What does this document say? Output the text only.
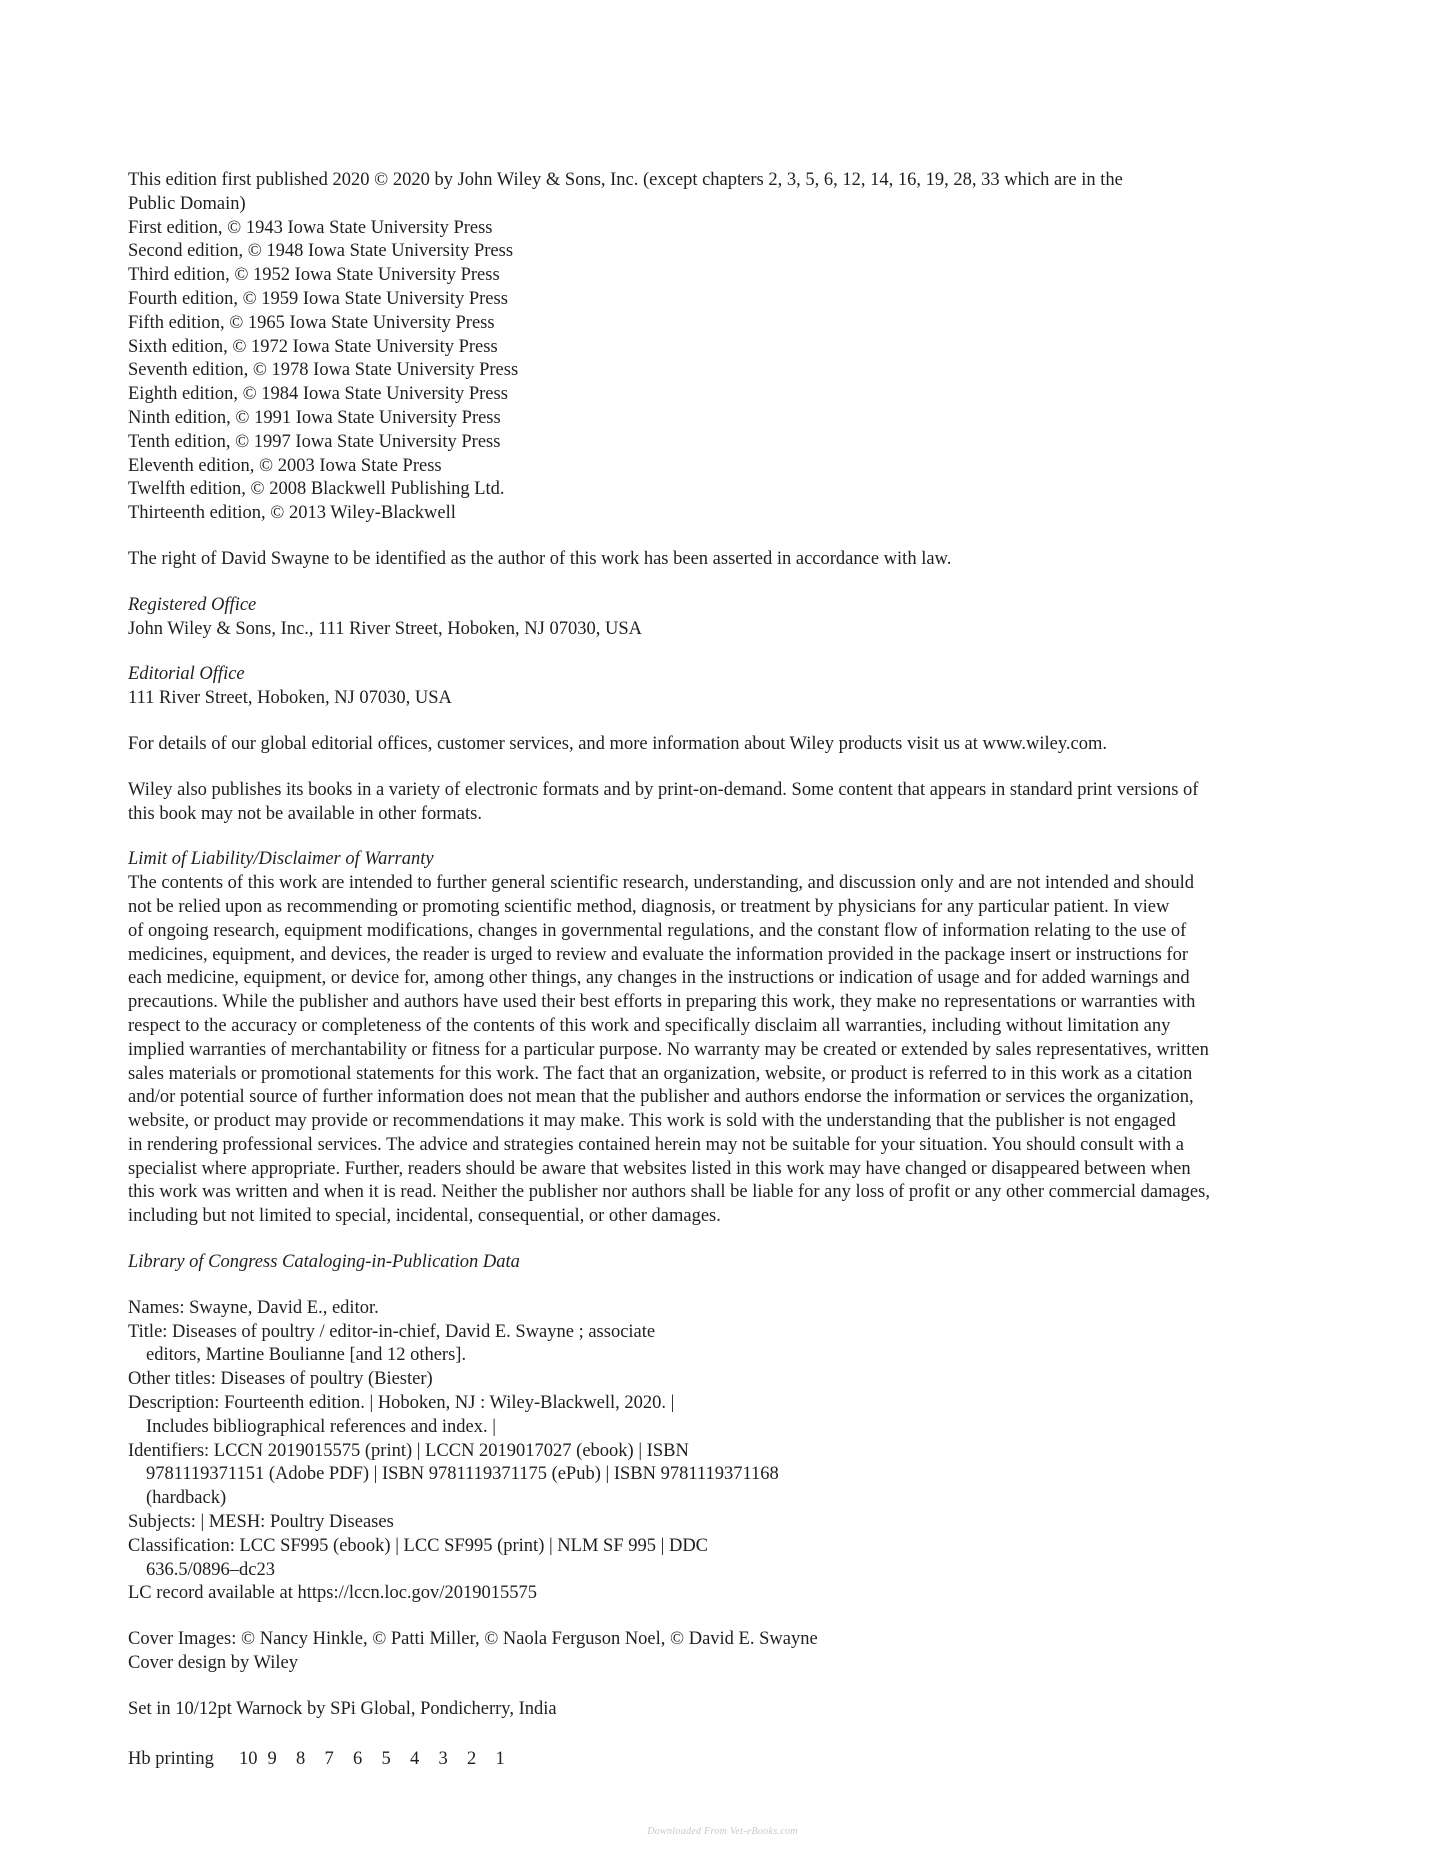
This edition first published 2020 © 2020 by John Wiley & Sons, Inc. (except chapters 2, 3, 5, 6, 12, 14, 16, 19, 28, 33 which are in the
Public Domain)
First edition, © 1943 Iowa State University Press
Second edition, © 1948 Iowa State University Press
Third edition, © 1952 Iowa State University Press
Fourth edition, © 1959 Iowa State University Press
Fifth edition, © 1965 Iowa State University Press
Sixth edition, © 1972 Iowa State University Press
Seventh edition, © 1978 Iowa State University Press
Eighth edition, © 1984 Iowa State University Press
Ninth edition, © 1991 Iowa State University Press
Tenth edition, © 1997 Iowa State University Press
Eleventh edition, © 2003 Iowa State Press
Twelfth edition, © 2008 Blackwell Publishing Ltd.
Thirteenth edition, © 2013 Wiley-Blackwell
The right of David Swayne to be identified as the author of this work has been asserted in accordance with law.
Registered Office
John Wiley & Sons, Inc., 111 River Street, Hoboken, NJ 07030, USA
Editorial Office
111 River Street, Hoboken, NJ 07030, USA
For details of our global editorial offices, customer services, and more information about Wiley products visit us at www.wiley.com.
Wiley also publishes its books in a variety of electronic formats and by print-on-demand. Some content that appears in standard print versions of
this book may not be available in other formats.
Limit of Liability/Disclaimer of Warranty
The contents of this work are intended to further general scientific research, understanding, and discussion only and are not intended and should
not be relied upon as recommending or promoting scientific method, diagnosis, or treatment by physicians for any particular patient. In view
of ongoing research, equipment modifications, changes in governmental regulations, and the constant flow of information relating to the use of
medicines, equipment, and devices, the reader is urged to review and evaluate the information provided in the package insert or instructions for
each medicine, equipment, or device for, among other things, any changes in the instructions or indication of usage and for added warnings and
precautions. While the publisher and authors have used their best efforts in preparing this work, they make no representations or warranties with
respect to the accuracy or completeness of the contents of this work and specifically disclaim all warranties, including without limitation any
implied warranties of merchantability or fitness for a particular purpose. No warranty may be created or extended by sales representatives, written
sales materials or promotional statements for this work. The fact that an organization, website, or product is referred to in this work as a citation
and/or potential source of further information does not mean that the publisher and authors endorse the information or services the organization,
website, or product may provide or recommendations it may make. This work is sold with the understanding that the publisher is not engaged
in rendering professional services. The advice and strategies contained herein may not be suitable for your situation. You should consult with a
specialist where appropriate. Further, readers should be aware that websites listed in this work may have changed or disappeared between when
this work was written and when it is read. Neither the publisher nor authors shall be liable for any loss of profit or any other commercial damages,
including but not limited to special, incidental, consequential, or other damages.
Library of Congress Cataloging-in-Publication Data
Names: Swayne, David E., editor.
Title: Diseases of poultry / editor-in-chief, David E. Swayne ; associate
editors, Martine Boulianne [and 12 others].
Other titles: Diseases of poultry (Biester)
Description: Fourteenth edition. | Hoboken, NJ : Wiley-Blackwell, 2020. |
Includes bibliographical references and index. |
Identifiers: LCCN 2019015575 (print) | LCCN 2019017027 (ebook) | ISBN
9781119371151 (Adobe PDF) | ISBN 9781119371175 (ePub) | ISBN 9781119371168
(hardback)
Subjects: | MESH: Poultry Diseases
Classification: LCC SF995 (ebook) | LCC SF995 (print) | NLM SF 995 | DDC
636.5/0896–dc23
LC record available at https://lccn.loc.gov/2019015575
Cover Images: © Nancy Hinkle, © Patti Miller, © Naola Ferguson Noel, © David E. Swayne
Cover design by Wiley
Set in 10/12pt Warnock by SPi Global, Pondicherry, India
Hb printing 10 9 8 7 6 5 4 3 2 1
Downloaded From Vet-eBooks.com
